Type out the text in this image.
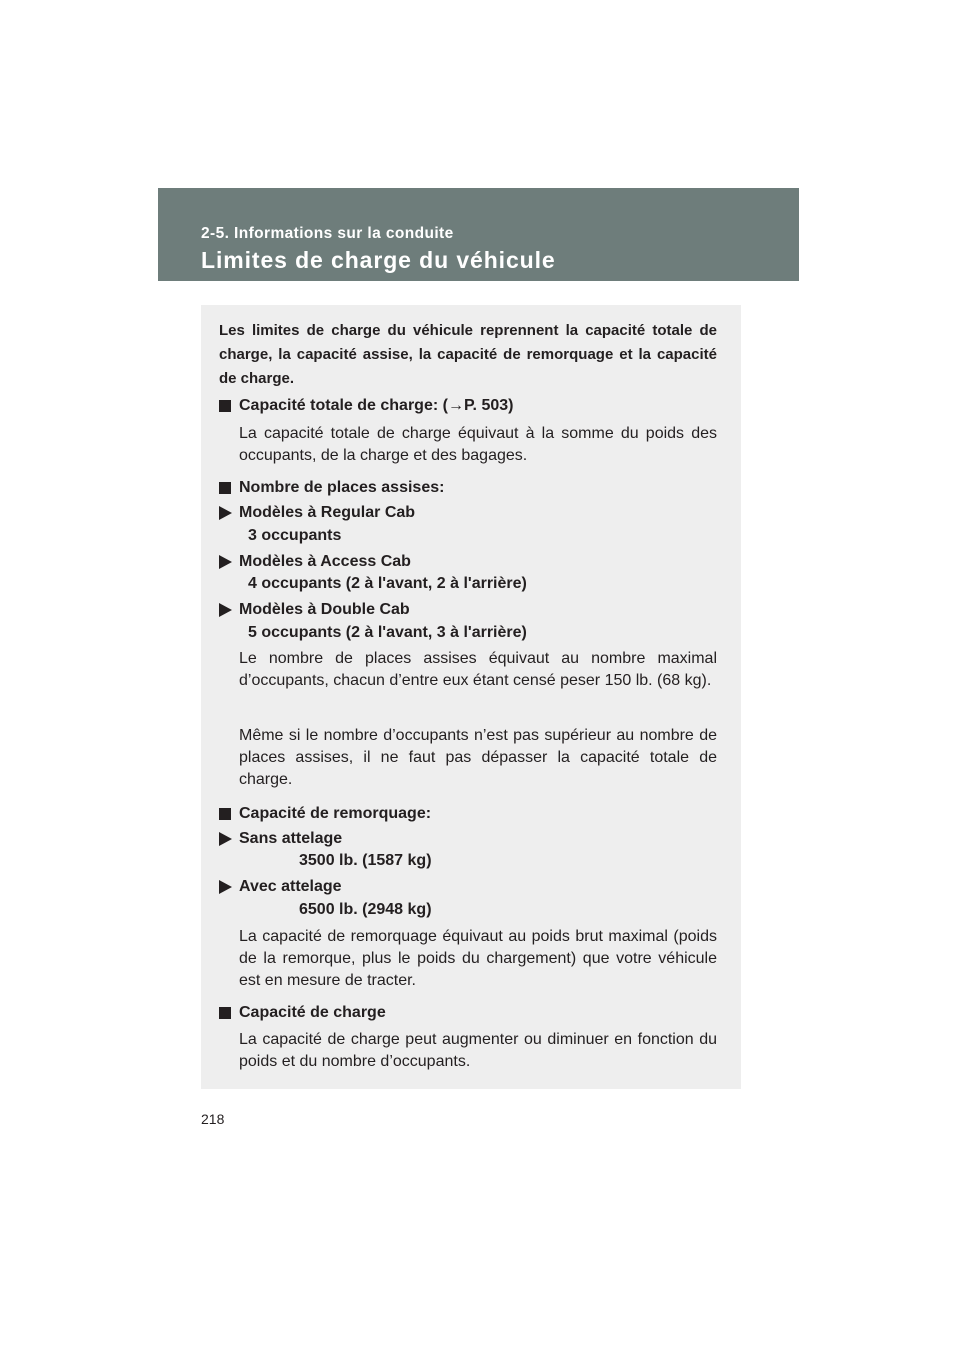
2-5. Informations sur la conduite
Limites de charge du véhicule
Les limites de charge du véhicule reprennent la capacité totale de charge, la capacité assise, la capacité de remorquage et la capacité de charge.
Capacité totale de charge: (→P. 503)
La capacité totale de charge équivaut à la somme du poids des occupants, de la charge et des bagages.
Nombre de places assises:
Modèles à Regular Cab
3 occupants
Modèles à Access Cab
4 occupants (2 à l'avant, 2 à l'arrière)
Modèles à Double Cab
5 occupants (2 à l'avant, 3 à l'arrière)
Le nombre de places assises équivaut au nombre maximal d’occupants, chacun d’entre eux étant censé peser 150 lb. (68 kg).
Même si le nombre d’occupants n’est pas supérieur au nombre de places assises, il ne faut pas dépasser la capacité totale de charge.
Capacité de remorquage:
Sans attelage
3500 lb. (1587 kg)
Avec attelage
6500 lb. (2948 kg)
La capacité de remorquage équivaut au poids brut maximal (poids de la remorque, plus le poids du chargement) que votre véhicule est en mesure de tracter.
Capacité de charge
La capacité de charge peut augmenter ou diminuer en fonction du poids et du nombre d’occupants.
218
